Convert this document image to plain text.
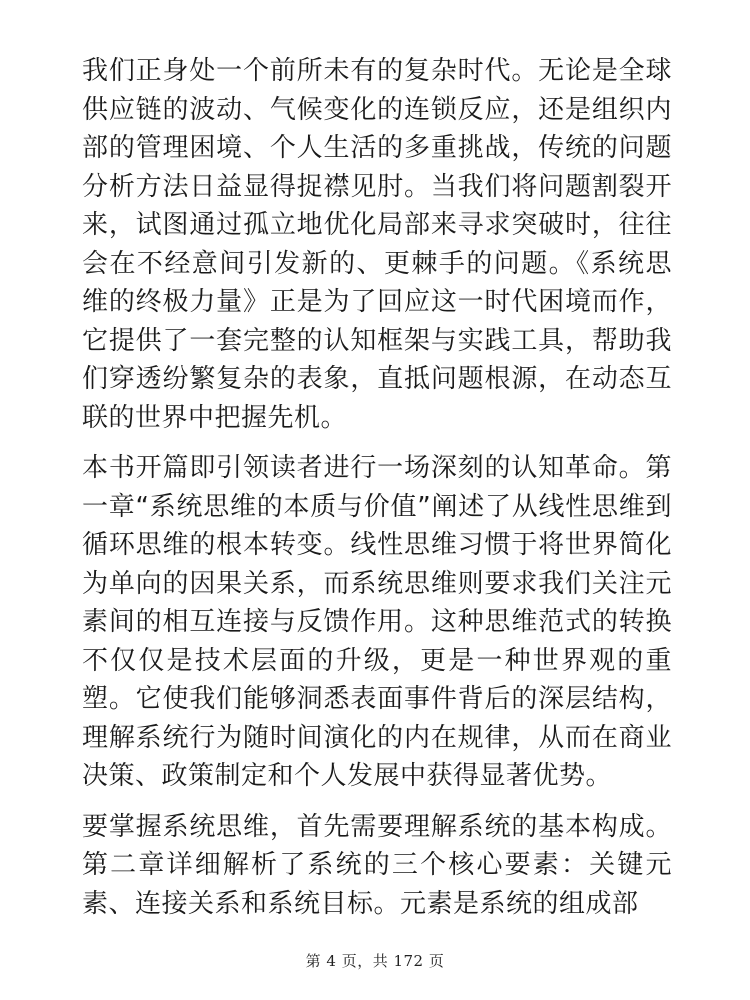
我们正身处一个前所未有的复杂时代。无论是全球供应链的波动、气候变化的连锁反应，还是组织内部的管理困境、个人生活的多重挑战，传统的问题分析方法日益显得捉襟见肘。当我们将问题割裂开来，试图通过孤立地优化局部来寻求突破时，往往会在不经意间引发新的、更棘手的问题。《系统思维的终极力量》正是为了回应这一时代困境而作，它提供了一套完整的认知框架与实践工具，帮助我们穿透纷繁复杂的表象，直抵问题根源，在动态互联的世界中把握先机。

本书开篇即引领读者进行一场深刻的认知革命。第一章“系统思维的本质与价值”阐述了从线性思维到循环思维的根本转变。线性思维习惯于将世界简化为单向的因果关系，而系统思维则要求我们关注元素间的相互连接与反馈作用。这种思维范式的转换不仅仅是技术层面的升级，更是一种世界观的重塑。它使我们能够洞悉表面事件背后的深层结构，理解系统行为随时间演化的内在规律，从而在商业决策、政策制定和个人发展中获得显著优势。

要掌握系统思维，首先需要理解系统的基本构成。第二章详细解析了系统的三个核心要素：关键元素、连接关系和系统目标。元素是系统的组成部

第 4 页，共 172 页
